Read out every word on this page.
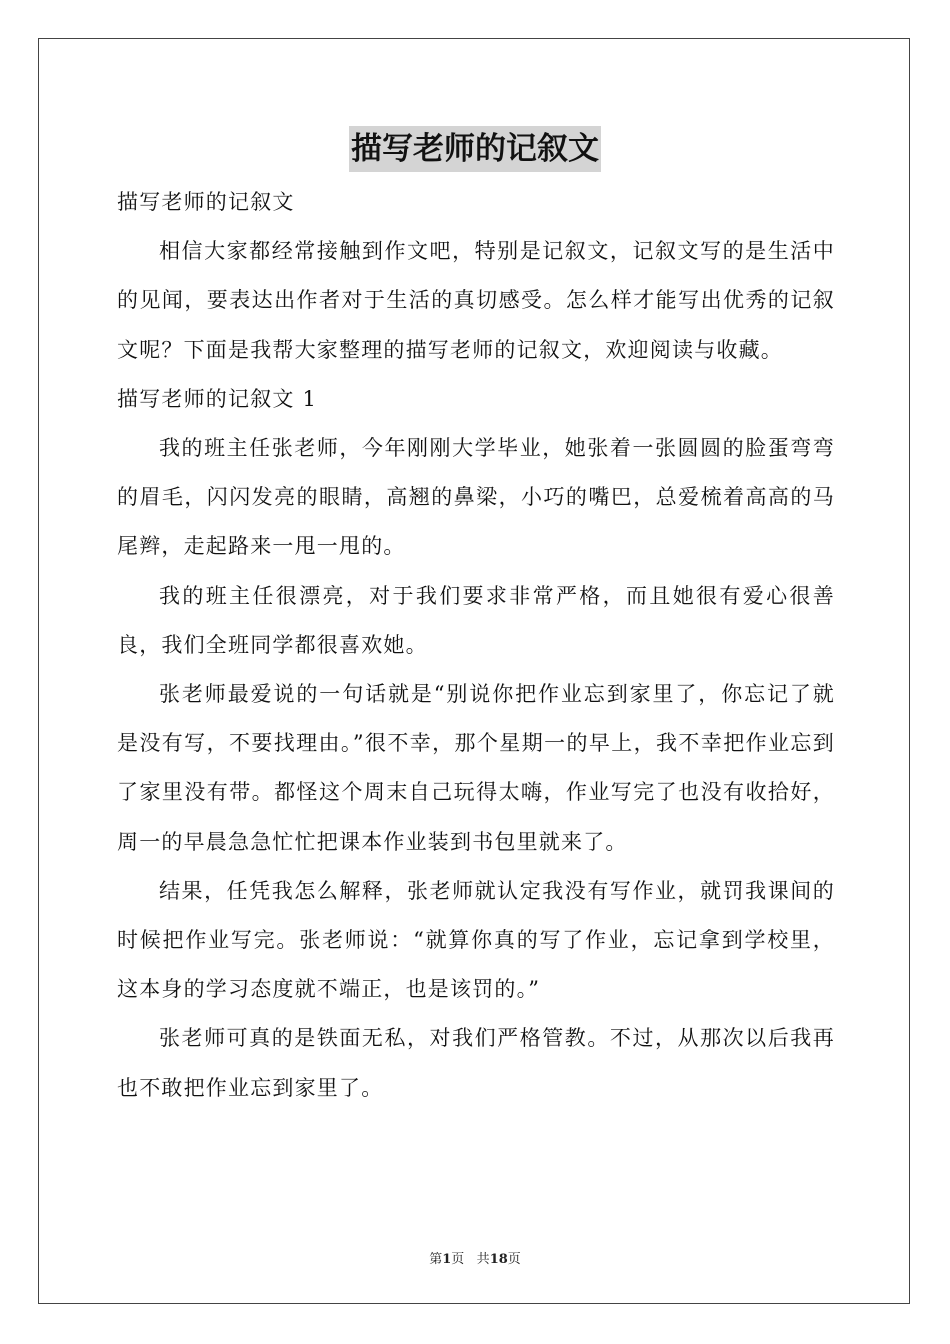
描写老师的记叙文

描写老师的记叙文

相信大家都经常接触到作文吧，特别是记叙文，记叙文写的是生活中的见闻，要表达出作者对于生活的真切感受。怎么样才能写出优秀的记叙文呢？下面是我帮大家整理的描写老师的记叙文，欢迎阅读与收藏。

描写老师的记叙文 1

我的班主任张老师，今年刚刚大学毕业，她张着一张圆圆的脸蛋弯弯的眉毛，闪闪发亮的眼睛，高翘的鼻梁，小巧的嘴巴，总爱梳着高高的马尾辫，走起路来一甩一甩的。

我的班主任很漂亮，对于我们要求非常严格，而且她很有爱心很善良，我们全班同学都很喜欢她。

张老师最爱说的一句话就是“别说你把作业忘到家里了，你忘记了就是没有写，不要找理由。”很不幸，那个星期一的早上，我不幸把作业忘到了家里没有带。都怪这个周末自己玩得太嗨，作业写完了也没有收拾好，周一的早晨急急忙忙把课本作业装到书包里就来了。

结果，任凭我怎么解释，张老师就认定我没有写作业，就罚我课间的时候把作业写完。张老师说：“就算你真的写了作业，忘记拿到学校里，这本身的学习态度就不端正，也是该罚的。”

张老师可真的是铁面无私，对我们严格管教。不过，从那次以后我再也不敢把作业忘到家里了。

第1页 共18页
